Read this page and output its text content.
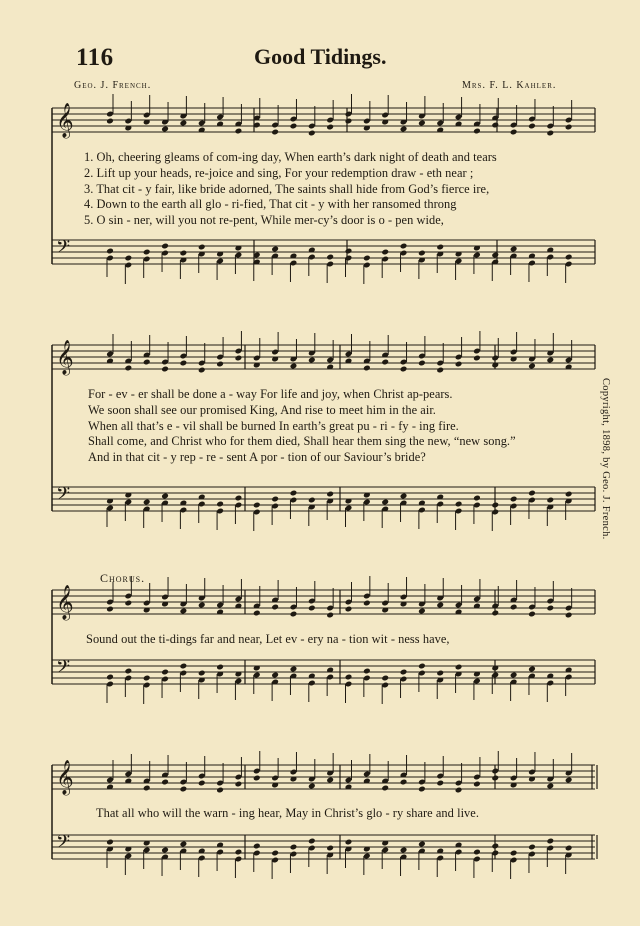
116	Good Tidings.
Geo. J. French.	Mrs. F. L. Kahler.
𝄞
𝄢
𝄞
𝄢
𝄞
𝄢
𝄞
𝄢
1. Oh, cheering gleams of com-ing day, When earth’s dark night of death and tears
2. Lift up your heads, re-joice and sing, For your redemption draw - eth near ;
3. That cit - y fair, like bride adorned, The saints shall hide from God’s fierce ire,
4. Down to the earth all glo - ri-fied, That cit - y with her ransomed throng
5. O sin - ner, will you not re-pent, While mer-cy’s door is o - pen wide,
For - ev - er shall be done a - way For life and joy, when Christ ap-pears.
We soon shall see our promised King, And rise to meet him in the air.
When all that’s e - vil shall be burned In earth’s great pu - ri - fy - ing fire.
Shall come, and Christ who for them died, Shall hear them sing the new, “new song.”
And in that cit - y rep - re - sent A por - tion of our Saviour’s bride?
Chorus.
Sound out the ti-dings far and near, Let ev - ery na - tion wit - ness have,
That all who will the warn - ing hear, May in Christ’s glo - ry share and live.
Copyright, 1898, by Geo. J. French.
